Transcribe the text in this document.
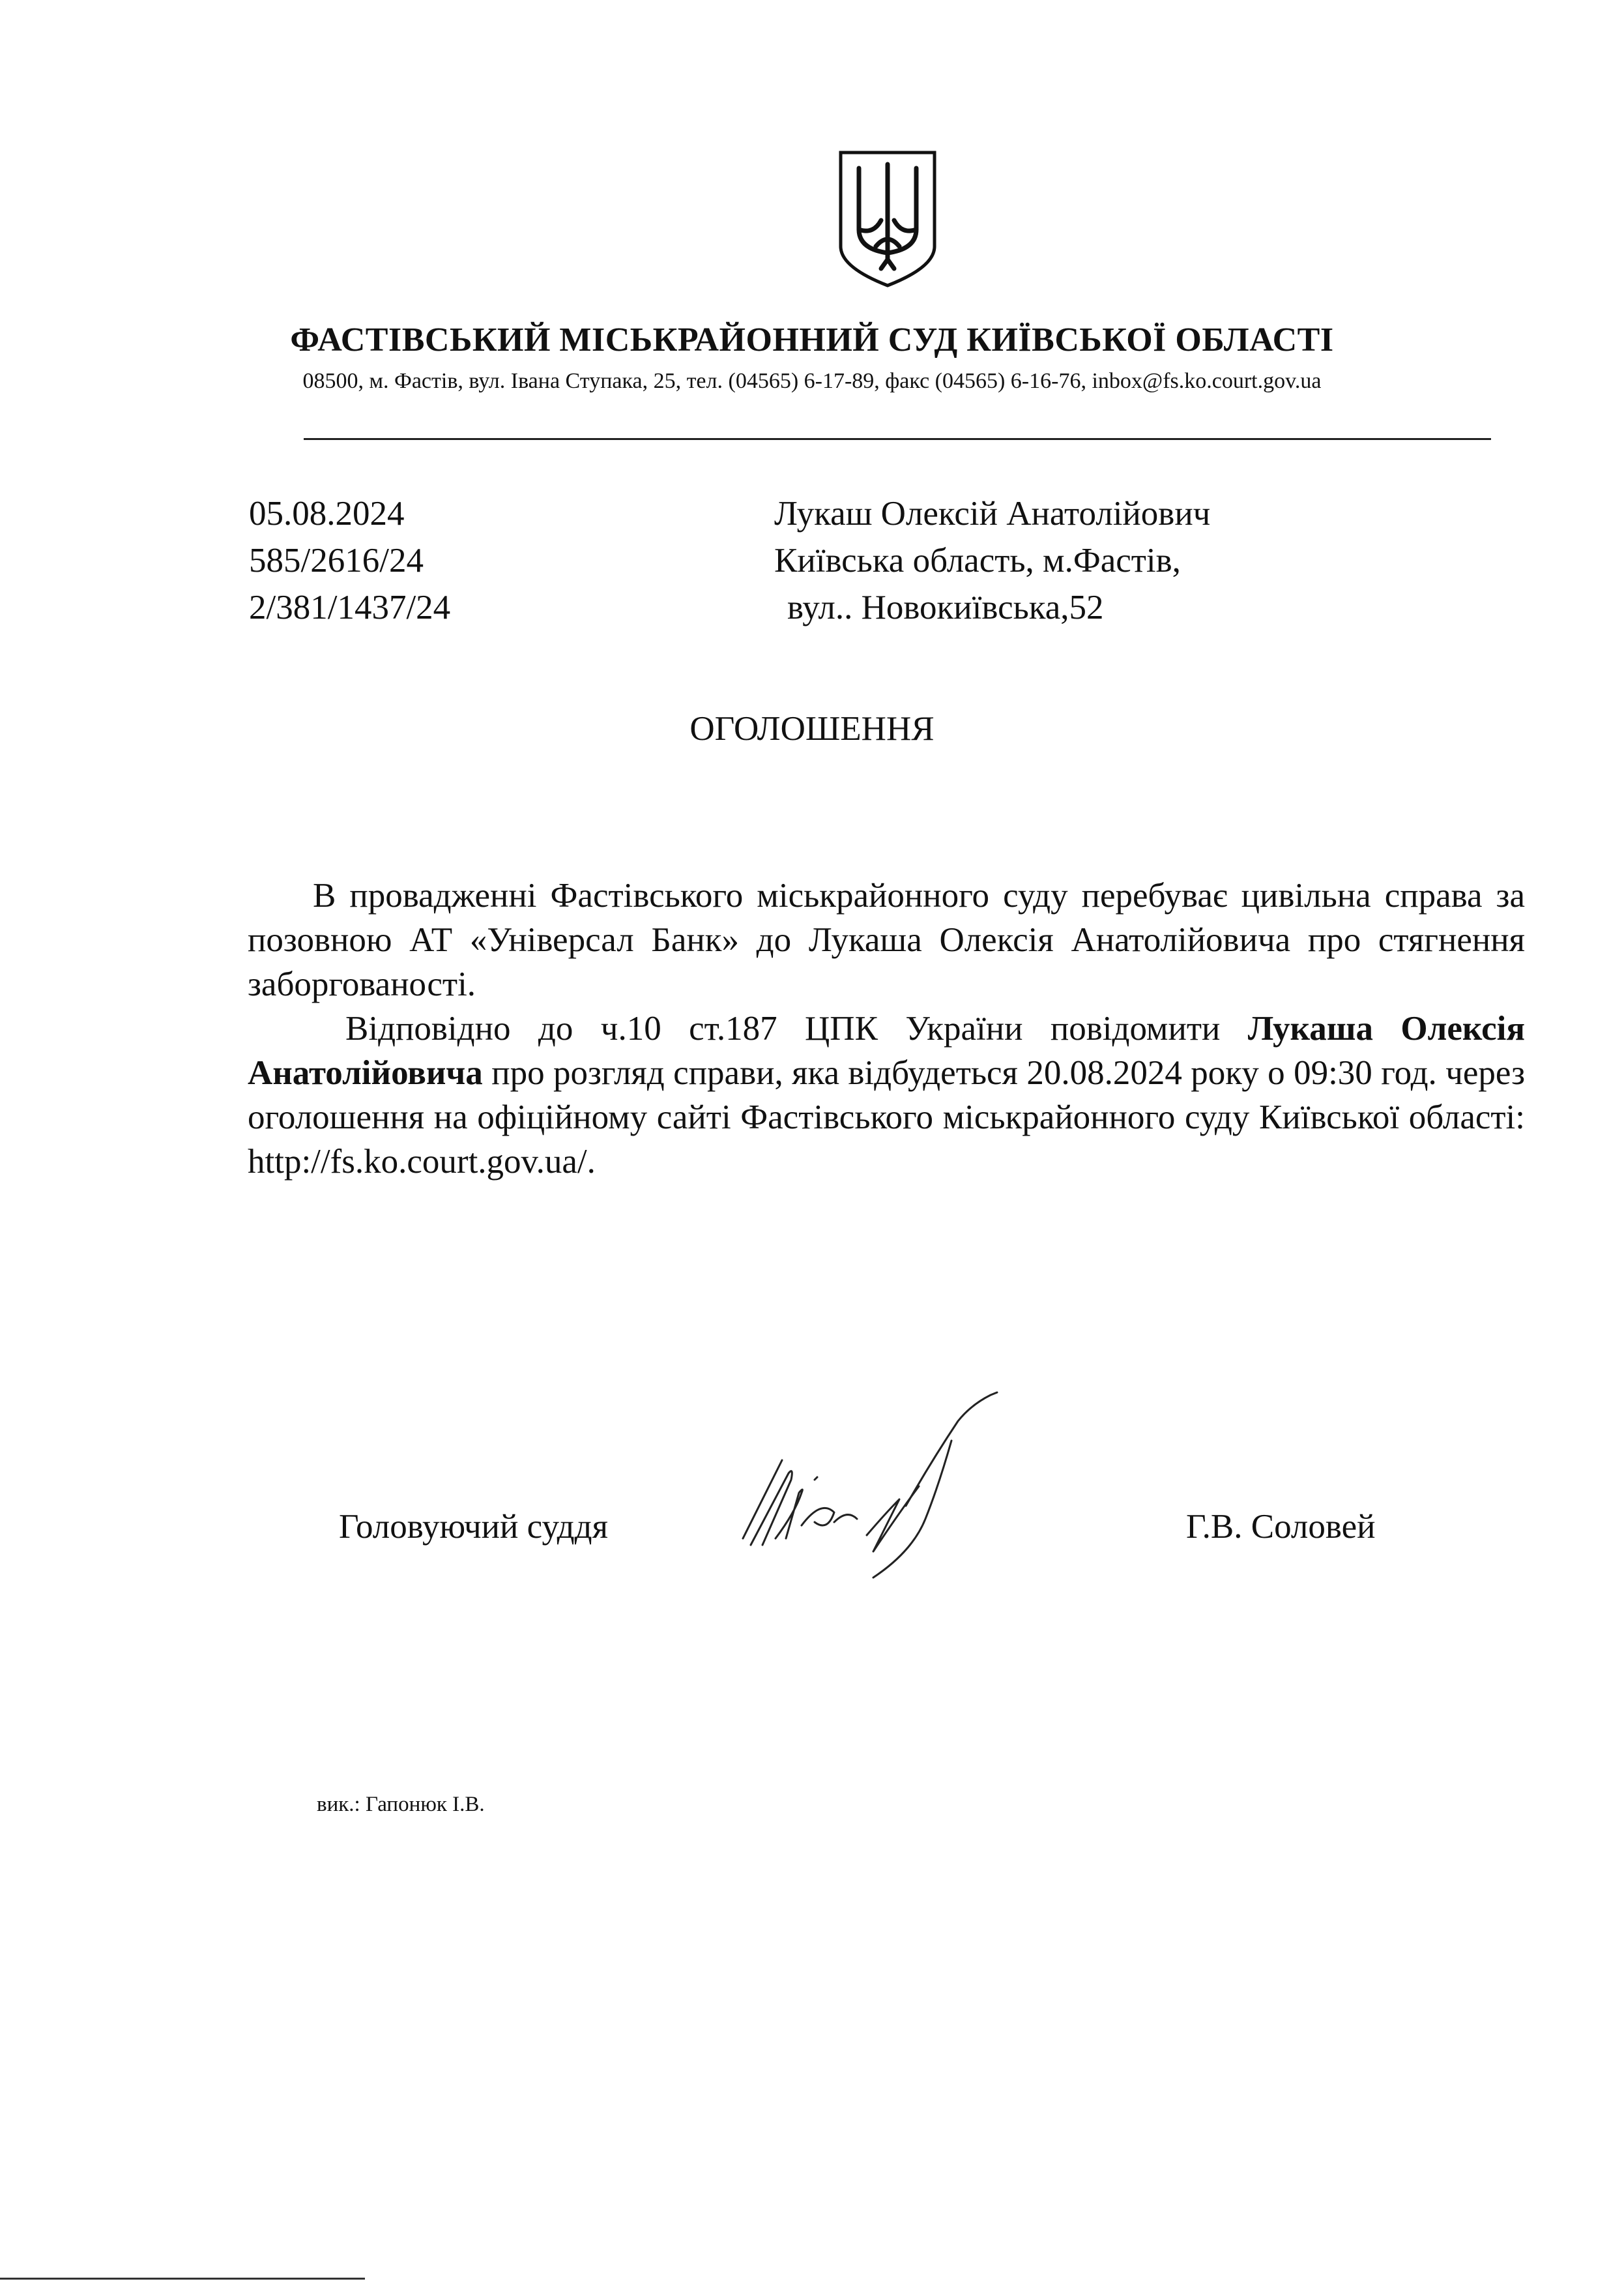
ФАСТІВСЬКИЙ МІСЬКРАЙОННИЙ СУД КИЇВСЬКОЇ ОБЛАСТІ
08500, м. Фастів, вул. Івана Ступака, 25, тел. (04565) 6-17-89, факс (04565) 6-16-76, inbox@fs.ko.court.gov.ua
05.08.2024
585/2616/24
2/381/1437/24
Лукаш Олексій Анатолійович
Київська область, м.Фастів,
вул.. Новокиївська,52
ОГОЛОШЕННЯ

В провадженні Фастівського міськрайонного суду перебуває цивільна справа за позовною АТ «Універсал Банк» до Лукаша Олексія Анатолійовича про стягнення заборгованості.

Відповідно до ч.10 ст.187 ЦПК України повідомити Лукаша Олексія Анатолійовича про розгляд справи, яка відбудеться 20.08.2024 року о 09:30 год. через оголошення на офіційному сайті Фастівського міськрайонного суду Київської області: http://fs.ko.court.gov.ua/.

Головуючий суддя	Г.В. Соловей
вик.: Гапонюк І.В.
